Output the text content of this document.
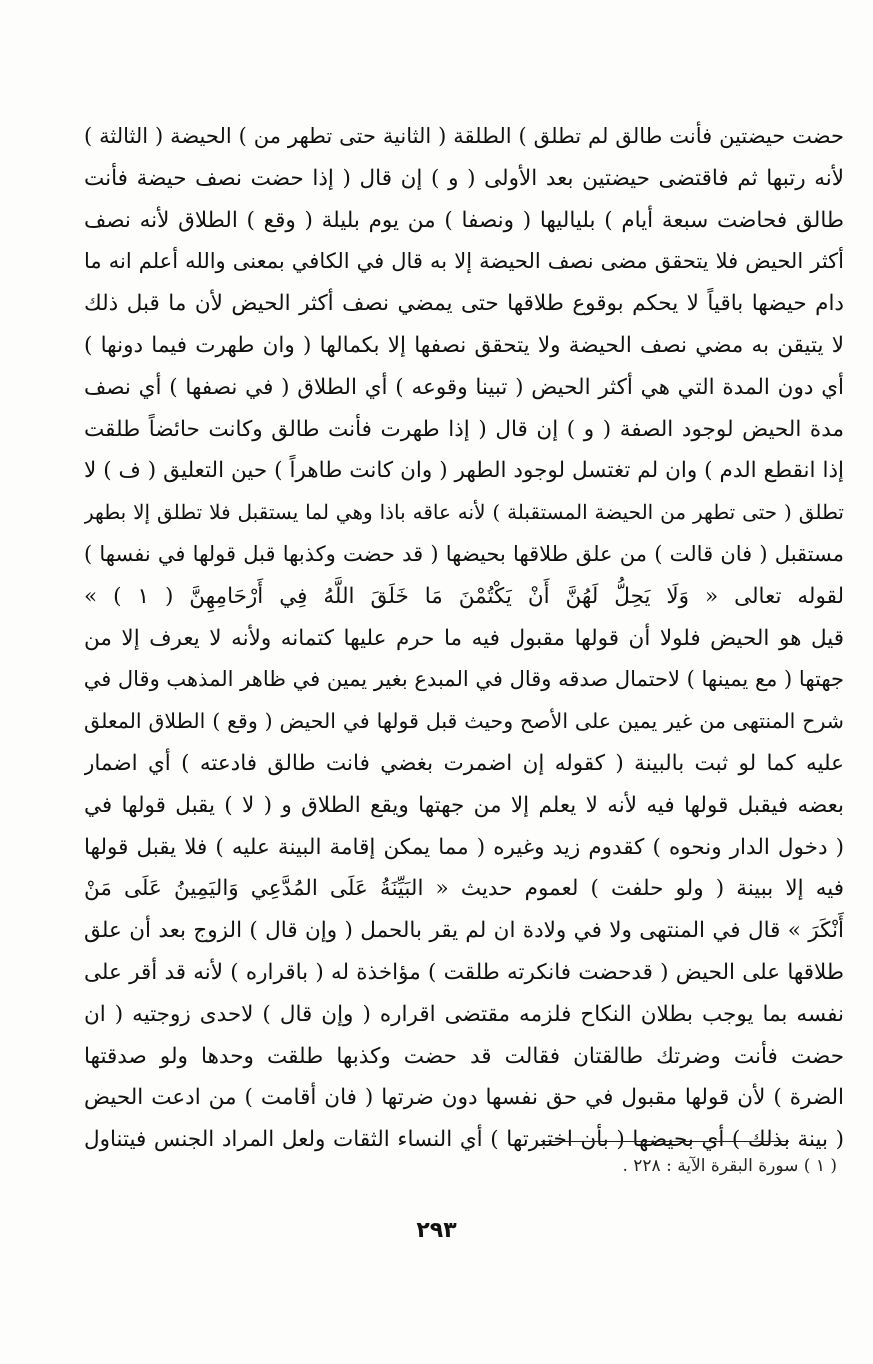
حضت حيضتين فأنت طالق لم تطلق ) الطلقة ( الثانية حتى تطهر من ) الحيضة ( الثالثة )
لأنه رتبها ثم فاقتضى حيضتين بعد الأولى ( و ) إن قال ( إذا حضت نصف حيضة فأنت
طالق فحاضت سبعة أيام ) بلياليها ( ونصفا ) من يوم بليلة ( وقع ) الطلاق لأنه نصف
أكثر الحيض فلا يتحقق مضى نصف الحيضة إلا به قال في الكافي بمعنى والله أعلم انه ما
دام حيضها باقياً لا يحكم بوقوع طلاقها حتى يمضي نصف أكثر الحيض لأن ما قبل ذلك
لا يتيقن به مضي نصف الحيضة ولا يتحقق نصفها إلا بكمالها ( وان طهرت فيما دونها )
أي دون المدة التي هي أكثر الحيض ( تبينا وقوعه ) أي الطلاق ( في نصفها ) أي نصف
مدة الحيض لوجود الصفة ( و ) إن قال ( إذا طهرت فأنت طالق وكانت حائضاً طلقت
إذا انقطع الدم ) وان لم تغتسل لوجود الطهر ( وان كانت طاهراً ) حين التعليق ( ف ) لا
تطلق ( حتى تطهر من الحيضة المستقبلة ) لأنه عاقه باذا وهي لما يستقبل فلا تطلق إلا بطهر
مستقبل ( فان قالت ) من علق طلاقها بحيضها ( قد حضت وكذبها قبل قولها في نفسها )
لقوله تعالى « وَلَا يَحِلُّ لَهُنَّ أَنْ يَكْتُمْنَ مَا خَلَقَ اللَّهُ فِي أَرْحَامِهِنَّ ( ١ ) »
قيل هو الحيض فلولا أن قولها مقبول فيه ما حرم عليها كتمانه ولأنه لا يعرف إلا من
جهتها ( مع يمينها ) لاحتمال صدقه وقال في المبدع بغير يمين في ظاهر المذهب وقال في
شرح المنتهى من غير يمين على الأصح وحيث قبل قولها في الحيض ( وقع ) الطلاق المعلق
عليه كما لو ثبت بالبينة ( كقوله إن اضمرت بغضي فانت طالق فادعته ) أي اضمار
بعضه فيقبل قولها فيه لأنه لا يعلم إلا من جهتها ويقع الطلاق و ( لا ) يقبل قولها في
( دخول الدار ونحوه ) كقدوم زيد وغيره ( مما يمكن إقامة البينة عليه ) فلا يقبل قولها
فيه إلا ببينة ( ولو حلفت ) لعموم حديث « البَيِّنَةُ عَلَى المُدَّعِي وَاليَمِينُ عَلَى مَنْ
أَنْكَرَ » قال في المنتهى ولا في ولادة ان لم يقر بالحمل ( وإن قال ) الزوج بعد أن علق
طلاقها على الحيض ( قدحضت فانكرته طلقت ) مؤاخذة له ( باقراره ) لأنه قد أقر على
نفسه بما يوجب بطلان النكاح فلزمه مقتضى اقراره ( وإن قال ) لاحدى زوجتيه ( ان
حضت فأنت وضرتك طالقتان فقالت قد حضت وكذبها طلقت وحدها ولو صدقتها
الضرة ) لأن قولها مقبول في حق نفسها دون ضرتها ( فان أقامت ) من ادعت الحيض
( بينة بذلك ) أي بحيضها ( بأن اختبرتها ) أي النساء الثقات ولعل المراد الجنس فيتناول
( ١ ) سورة البقرة الآية : ٢٢٨ .
٢٩٣
